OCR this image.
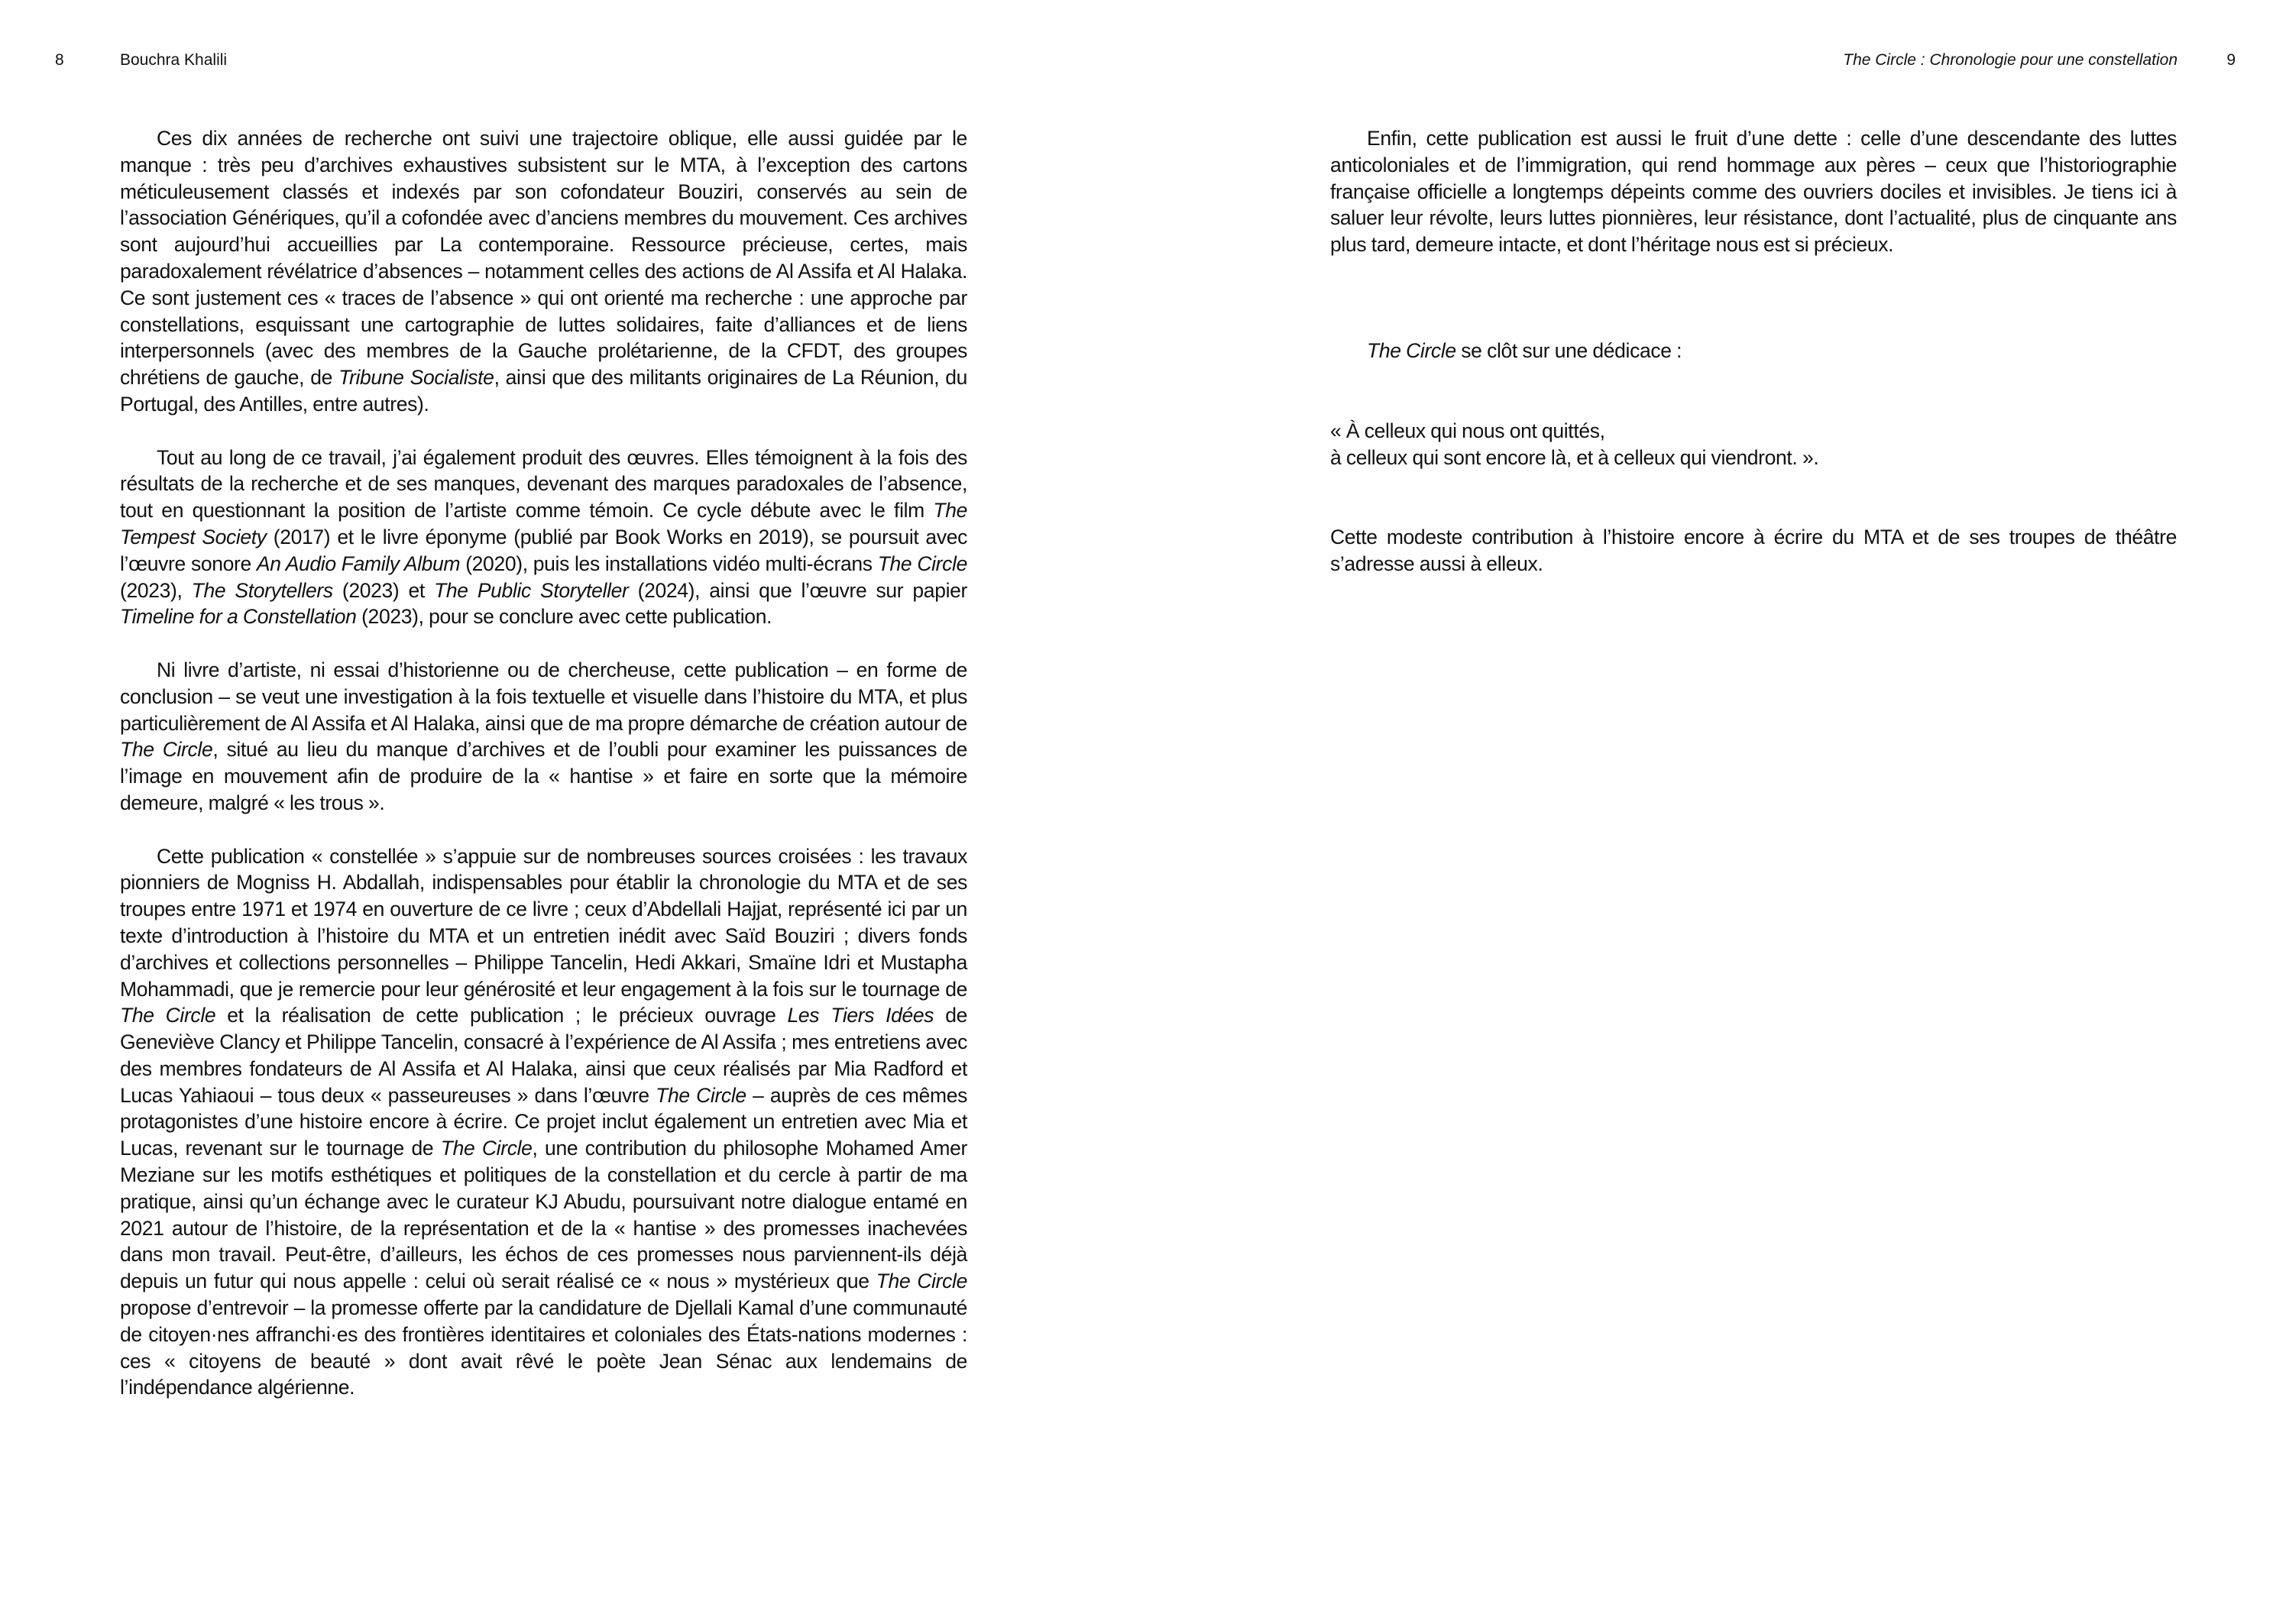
8	Bouchra Khalili	The Circle : Chronologie pour une constellation	9

Ces dix années de recherche ont suivi une trajectoire oblique, elle aussi guidée par le manque : très peu d’archives exhaustives subsistent sur le MTA, à l’exception des cartons méticuleusement classés et indexés par son cofondateur Bouziri, conservés au sein de l’association Génériques, qu’il a cofondée avec d’anciens membres du mouvement. Ces archives sont aujourd’hui accueillies par La contemporaine. Ressource précieuse, certes, mais paradoxalement révélatrice d’absences – notamment celles des actions de Al Assifa et Al Halaka. Ce sont justement ces « traces de l’absence » qui ont orienté ma recherche : une approche par constellations, esquissant une cartographie de luttes solidaires, faite d’alliances et de liens interpersonnels (avec des membres de la Gauche prolétarienne, de la CFDT, des groupes chrétiens de gauche, de Tribune Socialiste, ainsi que des militants originaires de La Réunion, du Portugal, des Antilles, entre autres).

Tout au long de ce travail, j’ai également produit des œuvres. Elles témoignent à la fois des résultats de la recherche et de ses manques, devenant des marques paradoxales de l’absence, tout en questionnant la position de l’artiste comme témoin. Ce cycle débute avec le film The Tempest Society (2017) et le livre éponyme (publié par Book Works en 2019), se poursuit avec l’œuvre sonore An Audio Family Album (2020), puis les installations vidéo multi-écrans The Circle (2023), The Storytellers (2023) et The Public Storyteller (2024), ainsi que l’œuvre sur papier Timeline for a Constellation (2023), pour se conclure avec cette publication.

Ni livre d’artiste, ni essai d’historienne ou de chercheuse, cette publication – en forme de conclusion – se veut une investigation à la fois textuelle et visuelle dans l’histoire du MTA, et plus particulièrement de Al Assifa et Al Halaka, ainsi que de ma propre démarche de création autour de The Circle, situé au lieu du manque d’archives et de l’oubli pour examiner les puissances de l’image en mouvement afin de produire de la « hantise » et faire en sorte que la mémoire demeure, malgré « les trous ».

Cette publication « constellée » s’appuie sur de nombreuses sources croisées : les travaux pionniers de Mogniss H. Abdallah, indispensables pour établir la chronologie du MTA et de ses troupes entre 1971 et 1974 en ouverture de ce livre ; ceux d’Abdellali Hajjat, représenté ici par un texte d’introduction à l’histoire du MTA et un entretien inédit avec Saïd Bouziri ; divers fonds d’archives et collections personnelles – Philippe Tancelin, Hedi Akkari, Smaïne Idri et Mustapha Mohammadi, que je remercie pour leur générosité et leur engagement à la fois sur le tournage de The Circle et la réalisation de cette publication ; le précieux ouvrage Les Tiers Idées de Geneviève Clancy et Philippe Tancelin, consacré à l’expérience de Al Assifa ; mes entretiens avec des membres fondateurs de Al Assifa et Al Halaka, ainsi que ceux réalisés par Mia Radford et Lucas Yahiaoui – tous deux « passeureuses » dans l’œuvre The Circle – auprès de ces mêmes protagonistes d’une histoire encore à écrire. Ce projet inclut également un entretien avec Mia et Lucas, revenant sur le tournage de The Circle, une contribution du philosophe Mohamed Amer Meziane sur les motifs esthétiques et politiques de la constellation et du cercle à partir de ma pratique, ainsi qu’un échange avec le curateur KJ Abudu, poursuivant notre dialogue entamé en 2021 autour de l’histoire, de la représentation et de la « hantise » des promesses inachevées dans mon travail. Peut-être, d’ailleurs, les échos de ces promesses nous parviennent-ils déjà depuis un futur qui nous appelle : celui où serait réalisé ce « nous » mystérieux que The Circle propose d’entrevoir – la promesse offerte par la candidature de Djellali Kamal d’une communauté de citoyen·nes affranchi·es des frontières identitaires et coloniales des États-nations modernes : ces « citoyens de beauté » dont avait rêvé le poète Jean Sénac aux lendemains de l’indépendance algérienne.

Enfin, cette publication est aussi le fruit d’une dette : celle d’une descendante des luttes anticoloniales et de l’immigration, qui rend hommage aux pères – ceux que l’historiographie française officielle a longtemps dépeints comme des ouvriers dociles et invisibles. Je tiens ici à saluer leur révolte, leurs luttes pionnières, leur résistance, dont l’actualité, plus de cinquante ans plus tard, demeure intacte, et dont l’héritage nous est si précieux.

The Circle se clôt sur une dédicace :

« À celleux qui nous ont quittés,

à celleux qui sont encore là, et à celleux qui viendront. ».

Cette modeste contribution à l’histoire encore à écrire du MTA et de ses troupes de théâtre s’adresse aussi à elleux.
